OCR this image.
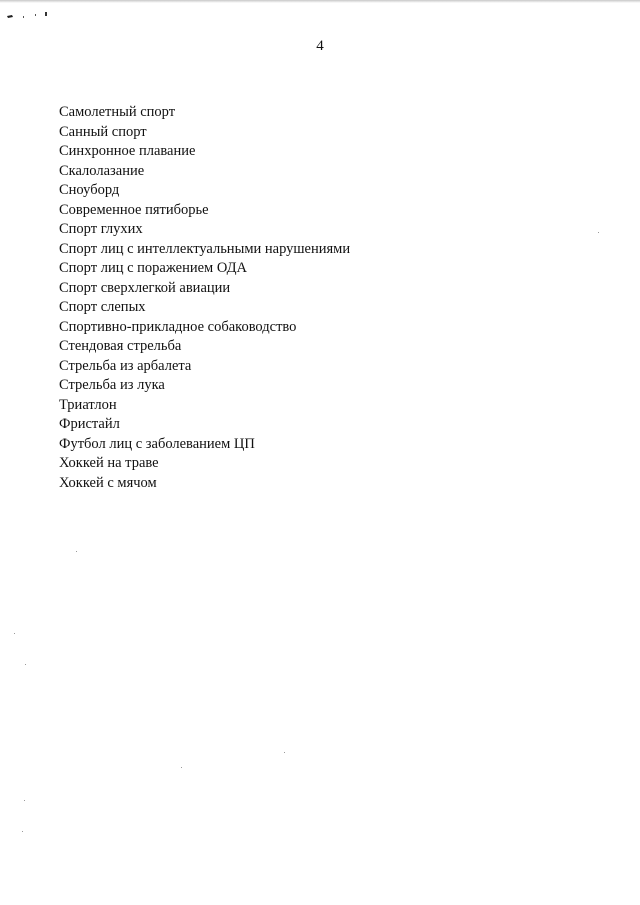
4
Самолетный спорт
Санный спорт
Синхронное плавание
Скалолазание
Сноуборд
Современное пятиборье
Спорт глухих
Спорт лиц с интеллектуальными нарушениями
Спорт лиц с поражением ОДА
Спорт сверхлегкой авиации
Спорт слепых
Спортивно-прикладное собаководство
Стендовая стрельба
Стрельба из арбалета
Стрельба из лука
Триатлон
Фристайл
Футбол лиц с заболеванием ЦП
Хоккей на траве
Хоккей с мячом
